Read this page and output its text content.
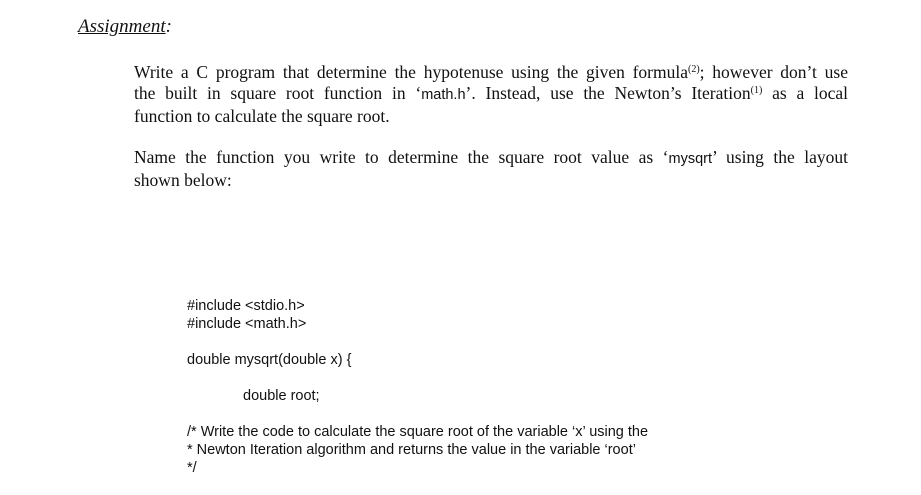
Assignment:
Write a C program that determine the hypotenuse using the given formula$^{(2)}$; however don’t use
the built in square root function in ‘math.h’. Instead, use the Newton’s Iteration$^{(1)}$ as a local
function to calculate the square root.
Name the function you write to determine the square root value as ‘mysqrt’ using the layout
shown below:
#include <stdio.h>
#include <math.h>
double mysqrt(double x) {
double root;
/* Write the code to calculate the square root of the variable ‘x’ using the
* Newton Iteration algorithm and returns the value in the variable ‘root’
*/
